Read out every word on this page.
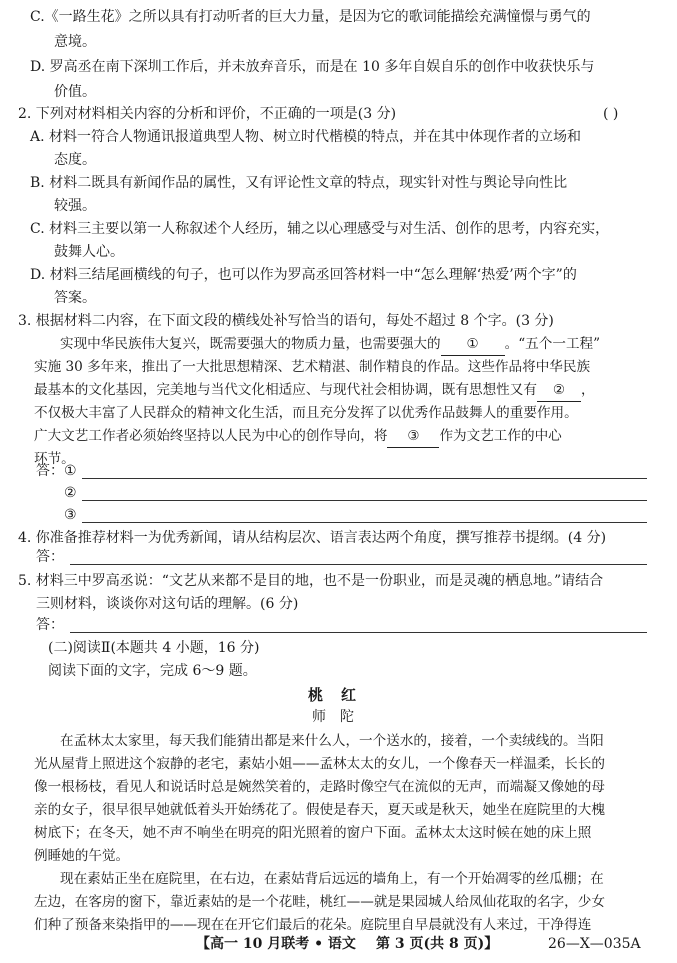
C.《一路生花》之所以具有打动听者的巨大力量，是因为它的歌词能描绘充满憧憬与勇气的
意境。
D. 罗高丞在南下深圳工作后，并未放弃音乐，而是在 10 多年自娱自乐的创作中收获快乐与
价值。
2. 下列对材料相关内容的分析和评价，不正确的一项是(3 分)	( )
A. 材料一符合人物通讯报道典型人物、树立时代楷模的特点，并在其中体现作者的立场和
态度。
B. 材料二既具有新闻作品的属性，又有评论性文章的特点，现实针对性与舆论导向性比
较强。
C. 材料三主要以第一人称叙述个人经历，辅之以心理感受与对生活、创作的思考，内容充实，
鼓舞人心。
D. 材料三结尾画横线的句子，也可以作为罗高丞回答材料一中“怎么理解‘热爱’两个字”的
答案。
3. 根据材料二内容，在下面文段的横线处补写恰当的语句，每处不超过 8 个字。(3 分)
实现中华民族伟大复兴，既需要强大的物质力量，也需要强大的 ① 。“五个一工程”
实施 30 多年来，推出了一大批思想精深、艺术精湛、制作精良的作品。这些作品将中华民族
最基本的文化基因，完美地与当代文化相适应、与现代社会相协调，既有思想性又有 ② ，
不仅极大丰富了人民群众的精神文化生活，而且充分发挥了以优秀作品鼓舞人的重要作用。
广大文艺工作者必须始终坚持以人民为中心的创作导向，将 ③ 作为文艺工作的中心
环节。
答： ①
②
③
4. 你准备推荐材料一为优秀新闻，请从结构层次、语言表达两个角度，撰写推荐书提纲。(4 分)
答：
5. 材料三中罗高丞说：“文艺从来都不是目的地，也不是一份职业，而是灵魂的栖息地。”请结合
三则材料，谈谈你对这句话的理解。(6 分)
答：
(二)阅读Ⅱ(本题共 4 小题，16 分)
阅读下面的文字，完成 6～9 题。
桃红
师陀
在孟林太太家里，每天我们能猜出都是来什么人，一个送水的，接着，一个卖绒线的。当阳
光从屋背上照进这个寂静的老宅，素姑小姐——孟林太太的女儿，一个像春天一样温柔，长长的
像一根杨枝，看见人和说话时总是婉然笑着的，走路时像空气在流似的无声，而端凝又像她的母
亲的女子，很早很早她就低着头开始绣花了。假使是春天，夏天或是秋天，她坐在庭院里的大槐
树底下；在冬天，她不声不响坐在明亮的阳光照着的窗户下面。孟林太太这时候在她的床上照
例睡她的午觉。
现在素姑正坐在庭院里，在右边，在素姑背后远远的墙角上，有一个开始凋零的丝瓜棚；在
左边，在客房的窗下，靠近素姑的是一个花畦，桃红——就是果园城人给凤仙花取的名字，少女
们种了预备来染指甲的——现在在开它们最后的花朵。庭院里自早晨就没有人来过，干净得连
【高一 10 月联考 • 语文 第 3 页(共 8 页)】	26—X—035A
